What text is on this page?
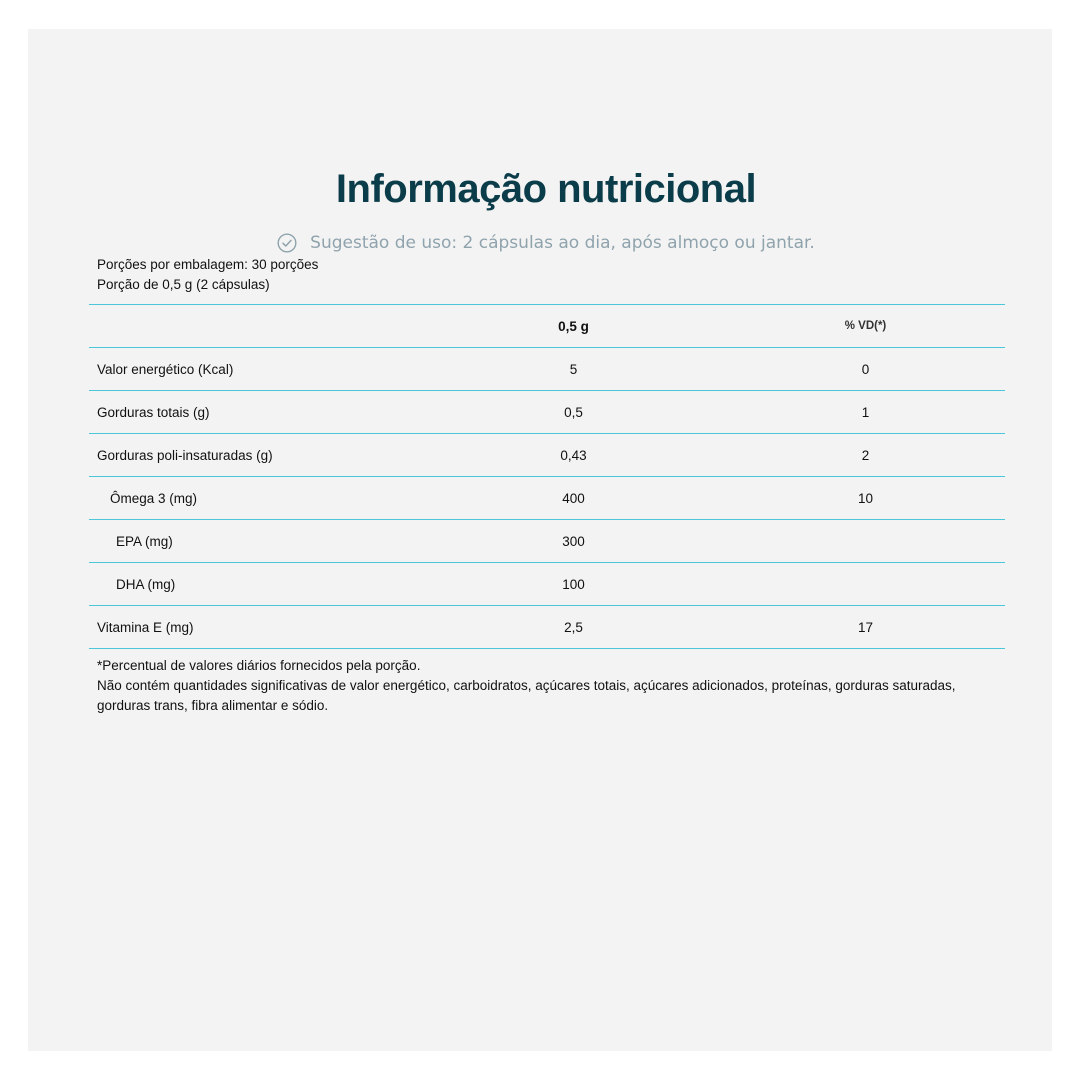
Informação nutricional
Sugestão de uso: 2 cápsulas ao dia, após almoço ou jantar.
Porções por embalagem: 30 porções
Porção de 0,5 g (2 cápsulas)
	0,5 g	% VD(*)
Valor energético (Kcal)	5	0
Gorduras totais (g)	0,5	1
Gorduras poli-insaturadas (g)	0,43	2
Ômega 3 (mg)	400	10
EPA (mg)	300	
DHA (mg)	100	
Vitamina E (mg)	2,5	17

*Percentual de valores diários fornecidos pela porção.

Não contém quantidades significativas de valor energético, carboidratos, açúcares totais, açúcares adicionados, proteínas, gorduras saturadas, gorduras trans, fibra alimentar e sódio.
